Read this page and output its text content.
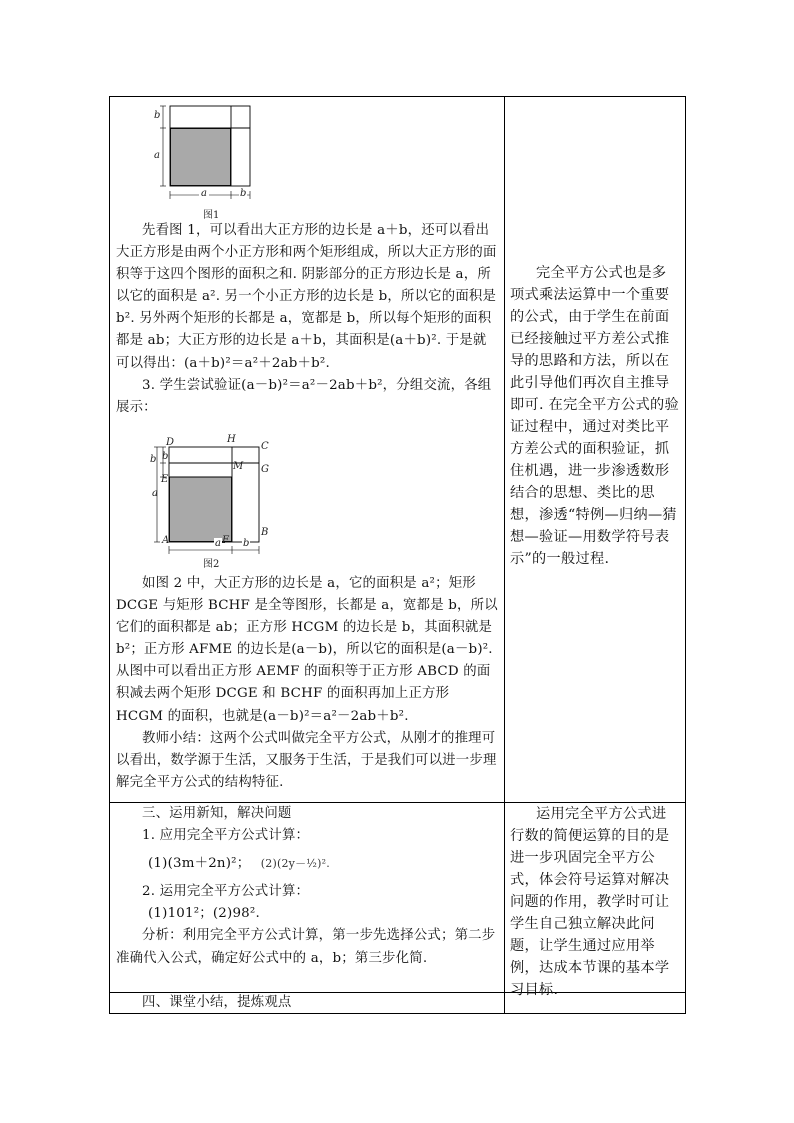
b
a
a	b
图1

先看图 1，可以看出大正方形的边长是 a＋b，还可以看出大正方形是由两个小正方形和两个矩形组成，所以大正方形的面积等于这四个图形的面积之和. 阴影部分的正方形边长是 a，所以它的面积是 a². 另一个小正方形的边长是 b，所以它的面积是 b². 另外两个矩形的长都是 a，宽都是 b，所以每个矩形的面积都是 ab；大正方形的边长是 a＋b，其面积是(a＋b)². 于是就可以得出：(a＋b)²＝a²＋2ab＋b².

3. 学生尝试验证(a－b)²＝a²－2ab＋b²，分组交流，各组展示：

D	H
C
G
M
E
B
A	F
b
b
a
a b
图2

如图 2 中，大正方形的边长是 a，它的面积是 a²；矩形 DCGE 与矩形 BCHF 是全等图形，长都是 a，宽都是 b，所以它们的面积都是 ab；正方形 HCGM 的边长是 b，其面积就是 b²；正方形 AFME 的边长是(a－b)，所以它的面积是(a－b)². 从图中可以看出正方形 AEMF 的面积等于正方形 ABCD 的面积减去两个矩形 DCGE 和 BCHF 的面积再加上正方形 HCGM 的面积，也就是(a－b)²＝a²－2ab＋b².

教师小结：这两个公式叫做完全平方公式，从刚才的推理可以看出，数学源于生活，又服务于生活，于是我们可以进一步理解完全平方公式的结构特征.

完全平方公式也是多项式乘法运算中一个重要的公式，由于学生在前面已经接触过平方差公式推导的思路和方法，所以在此引导他们再次自主推导即可. 在完全平方公式的验证过程中，通过对类比平方差公式的面积验证，抓住机遇，进一步渗透数形结合的思想、类比的思想，渗透“特例—归纳—猜想—验证—用数学符号表示”的一般过程.

三、运用新知，解决问题

1. 应用完全平方公式计算：

(1)(3m＋2n)²； (2)(2y－½)².

2. 运用完全平方公式计算：

(1)101²；(2)98².

分析：利用完全平方公式计算，第一步先选择公式；第二步准确代入公式，确定好公式中的 a，b；第三步化简.

运用完全平方公式进行数的简便运算的目的是进一步巩固完全平方公式，体会符号运算对解决问题的作用，教学时可让学生自己独立解决此问题，让学生通过应用举例，达成本节课的基本学习目标.

四、课堂小结，提炼观点
